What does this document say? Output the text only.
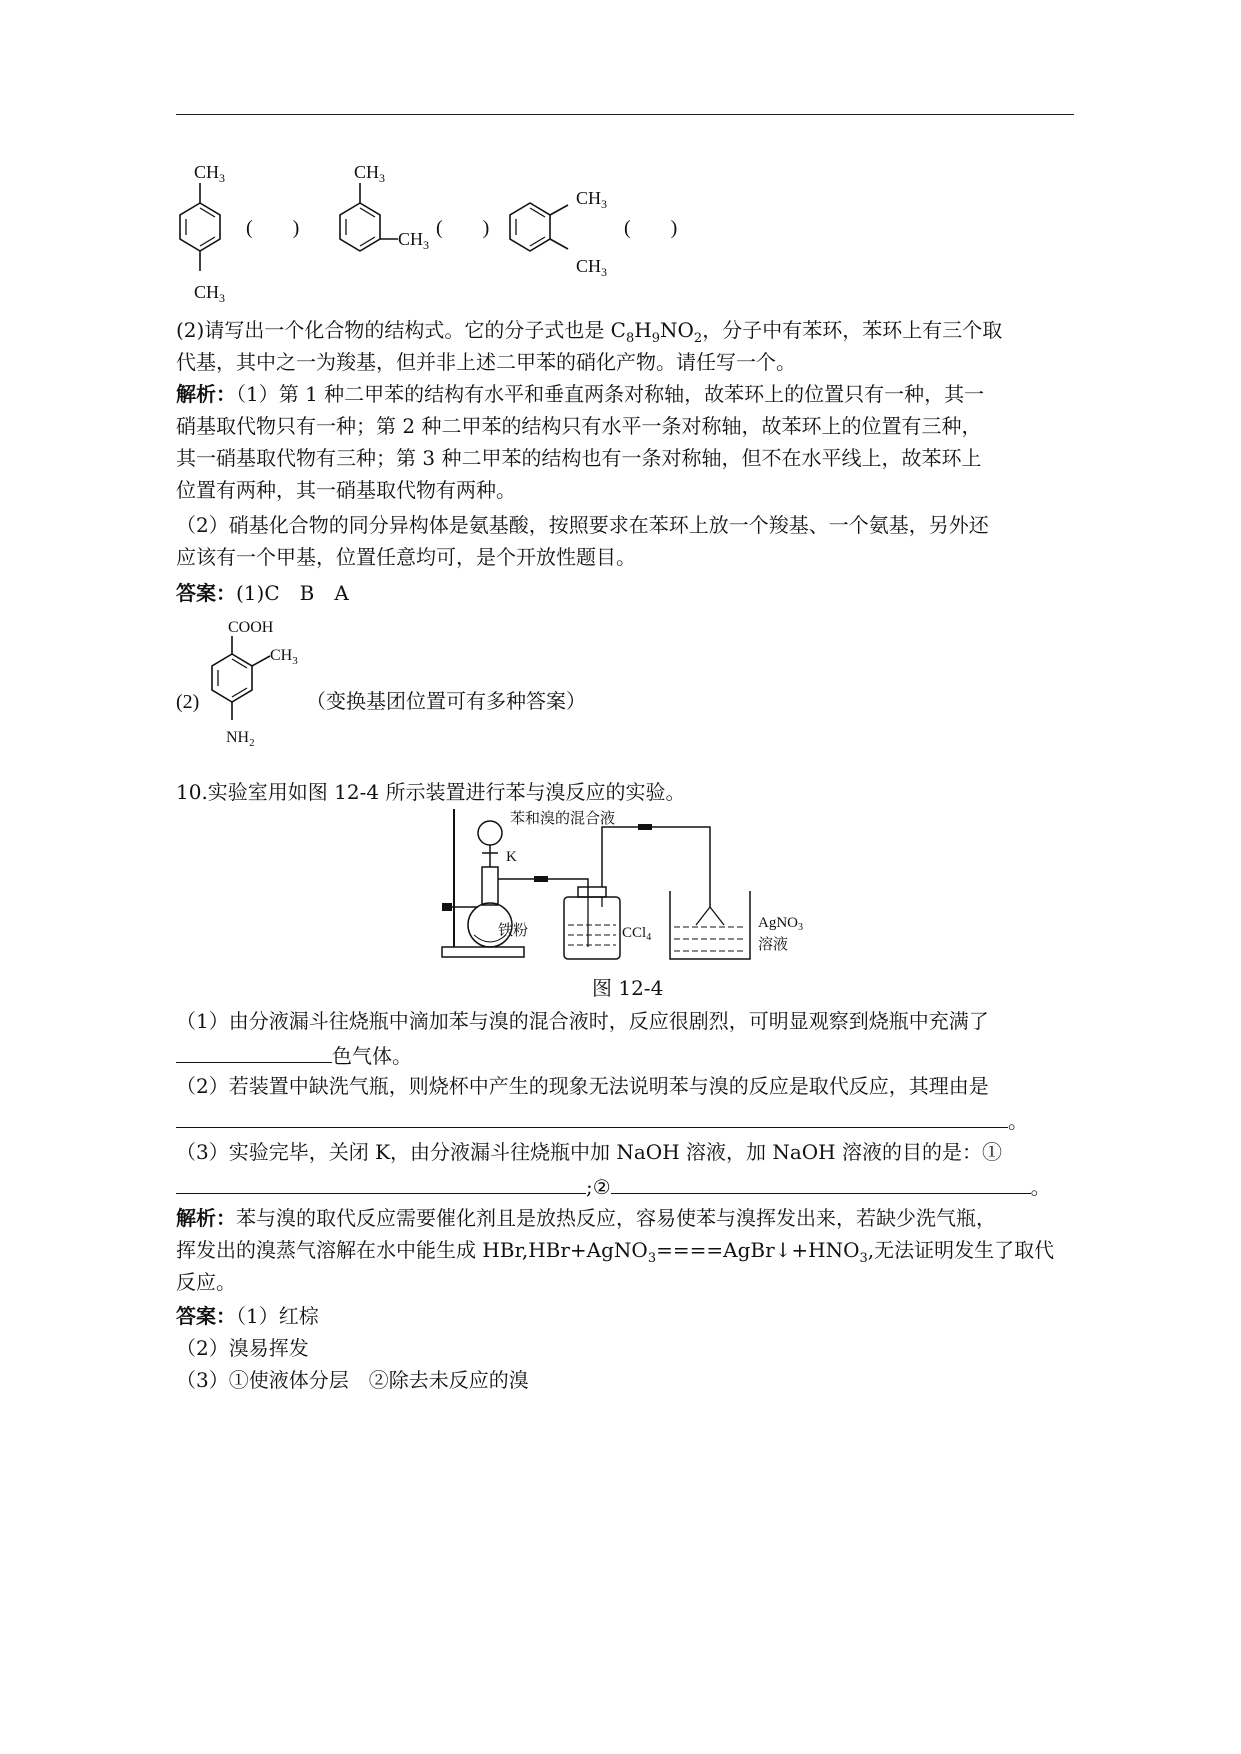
$CH_3$
$CH_3$
(　　)
$CH_3$
$CH_3$
(　　)
$CH_3$
$CH_3$
(　　)
(2)请写出一个化合物的结构式。它的分子式也是 $C_8H_9NO_2$，分子中有苯环，苯环上有三个取
代基，其中之一为羧基，但并非上述二甲苯的硝化产物。请任写一个。
解析：（1）第 1 种二甲苯的结构有水平和垂直两条对称轴，故苯环上的位置只有一种，其一
硝基取代物只有一种；第 2 种二甲苯的结构只有水平一条对称轴，故苯环上的位置有三种，
其一硝基取代物有三种；第 3 种二甲苯的结构也有一条对称轴，但不在水平线上，故苯环上
位置有两种，其一硝基取代物有两种。
（2）硝基化合物的同分异构体是氨基酸，按照要求在苯环上放一个羧基、一个氨基，另外还
应该有一个甲基，位置任意均可，是个开放性题目。
答案：(1)C　B　A
(2)
COOH
$CH_3$
$NH_2$
（变换基团位置可有多种答案）
10.实验室用如图 12-4 所示装置进行苯与溴反应的实验。
铁粉
苯和溴的混合液
K
CCl$_4$
AgNO$_3$
溶液
图 12-4
（1）由分液漏斗往烧瓶中滴加苯与溴的混合液时，反应很剧烈，可明显观察到烧瓶中充满了
色气体。
（2）若装置中缺洗气瓶，则烧杯中产生的现象无法说明苯与溴的反应是取代反应，其理由是
。
（3）实验完毕，关闭 K，由分液漏斗往烧瓶中加 NaOH 溶液，加 NaOH 溶液的目的是：①
;②	。
解析：苯与溴的取代反应需要催化剂且是放热反应，容易使苯与溴挥发出来，若缺少洗气瓶，
挥发出的溴蒸气溶解在水中能生成 $HBr,HBr+AgNO_3====AgBr↓+HNO_3$,无法证明发生了取代
反应。
答案：（1）红棕
（2）溴易挥发
（3）①使液体分层　②除去未反应的溴
